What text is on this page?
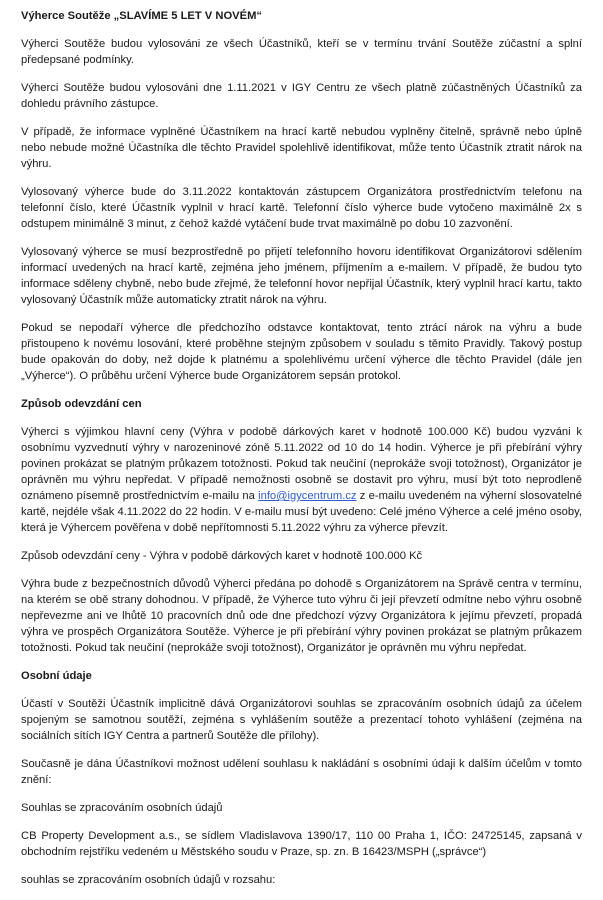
Výherce Soutěže „SLAVÍME 5 LET V NOVÉM“

Výherci Soutěže budou vylosováni ze všech Účastníků, kteří se v termínu trvání Soutěže zúčastní a splní předepsané podmínky.

Výherci Soutěže budou vylosováni dne 1.11.2021 v IGY Centru ze všech platně zúčastněných Účastníků za dohledu právního zástupce.

V případě, že informace vyplněné Účastníkem na hrací kartě nebudou vyplněny čitelně, správně nebo úplně nebo nebude možné Účastníka dle těchto Pravidel spolehlivě identifikovat, může tento Účastník ztratit nárok na výhru.

Vylosovaný výherce bude do 3.11.2022 kontaktován zástupcem Organizátora prostřednictvím telefonu na telefonní číslo, které Účastník vyplnil v hrací kartě. Telefonní číslo výherce bude vytočeno maximálně 2x s odstupem minimálně 3 minut, z čehož každé vytáčení bude trvat maximálně po dobu 10 zazvonění.

Vylosovaný výherce se musí bezprostředně po přijetí telefonního hovoru identifikovat Organizátorovi sdělením informací uvedených na hrací kartě, zejména jeho jménem, příjmením a e-mailem. V případě, že budou tyto informace sděleny chybně, nebo bude zřejmé, že telefonní hovor nepřijal Účastník, který vyplnil hrací kartu, takto vylosovaný Účastník může automaticky ztratit nárok na výhru.

Pokud se nepodaří výherce dle předchozího odstavce kontaktovat, tento ztrácí nárok na výhru a bude přistoupeno k novému losování, které proběhne stejným způsobem v souladu s těmito Pravidly. Takový postup bude opakován do doby, než dojde k platnému a spolehlivému určení výherce dle těchto Pravidel (dále jen „Výherce“). O průběhu určení Výherce bude Organizátorem sepsán protokol.

Způsob odevzdání cen

Výherci s výjimkou hlavní ceny (Výhra v podobě dárkových karet v hodnotě 100.000 Kč) budou vyzváni k osobnímu vyzvednutí výhry v narozeninové zóně 5.11.2022 od 10 do 14 hodin. Výherce je při přebírání výhry povinen prokázat se platným průkazem totožnosti. Pokud tak neučiní (neprokáže svoji totožnost), Organizátor je oprávněn mu výhru nepředat. V případě nemožnosti osobně se dostavit pro výhru, musí být toto neprodleně oznámeno písemně prostřednictvím e-mailu na info@igycentrum.cz z e-mailu uvedeném na výherní slosovatelné kartě, nejdéle však 4.11.2022 do 22 hodin. V e-mailu musí být uvedeno: Celé jméno Výherce a celé jméno osoby, která je Výhercem pověřena v době nepřítomnosti 5.11.2022 výhru za výherce převzít.

Způsob odevzdání ceny - Výhra v podobě dárkových karet v hodnotě 100.000 Kč

Výhra bude z bezpečnostních důvodů Výherci předána po dohodě s Organizátorem na Správě centra v termínu, na kterém se obě strany dohodnou. V případě, že Výherce tuto výhru či její převzetí odmítne nebo výhru osobně nepřevezme ani ve lhůtě 10 pracovních dnů ode dne předchozí výzvy Organizátora k jejímu převzetí, propadá výhra ve prospěch Organizátora Soutěže. Výherce je při přebírání výhry povinen prokázat se platným průkazem totožnosti. Pokud tak neučiní (neprokáže svoji totožnost), Organizátor je oprávněn mu výhru nepředat.

Osobní údaje

Účastí v Soutěži Účastník implicitně dává Organizátorovi souhlas se zpracováním osobních údajů za účelem spojeným se samotnou soutěží, zejména s vyhlášením soutěže a prezentací tohoto vyhlášení (zejména na sociálních sítích IGY Centra a partnerů Soutěže dle přílohy).

Současně je dána Účastníkovi možnost udělení souhlasu k nakládání s osobními údaji k dalším účelům v tomto znění:

Souhlas se zpracováním osobních údajů

CB Property Development a.s., se sídlem Vladislavova 1390/17, 110 00 Praha 1, IČO: 24725145, zapsaná v obchodním rejstříku vedeném u Městského soudu v Praze, sp. zn. B 16423/MSPH („správce“)

souhlas se zpracováním osobních údajů v rozsahu:
